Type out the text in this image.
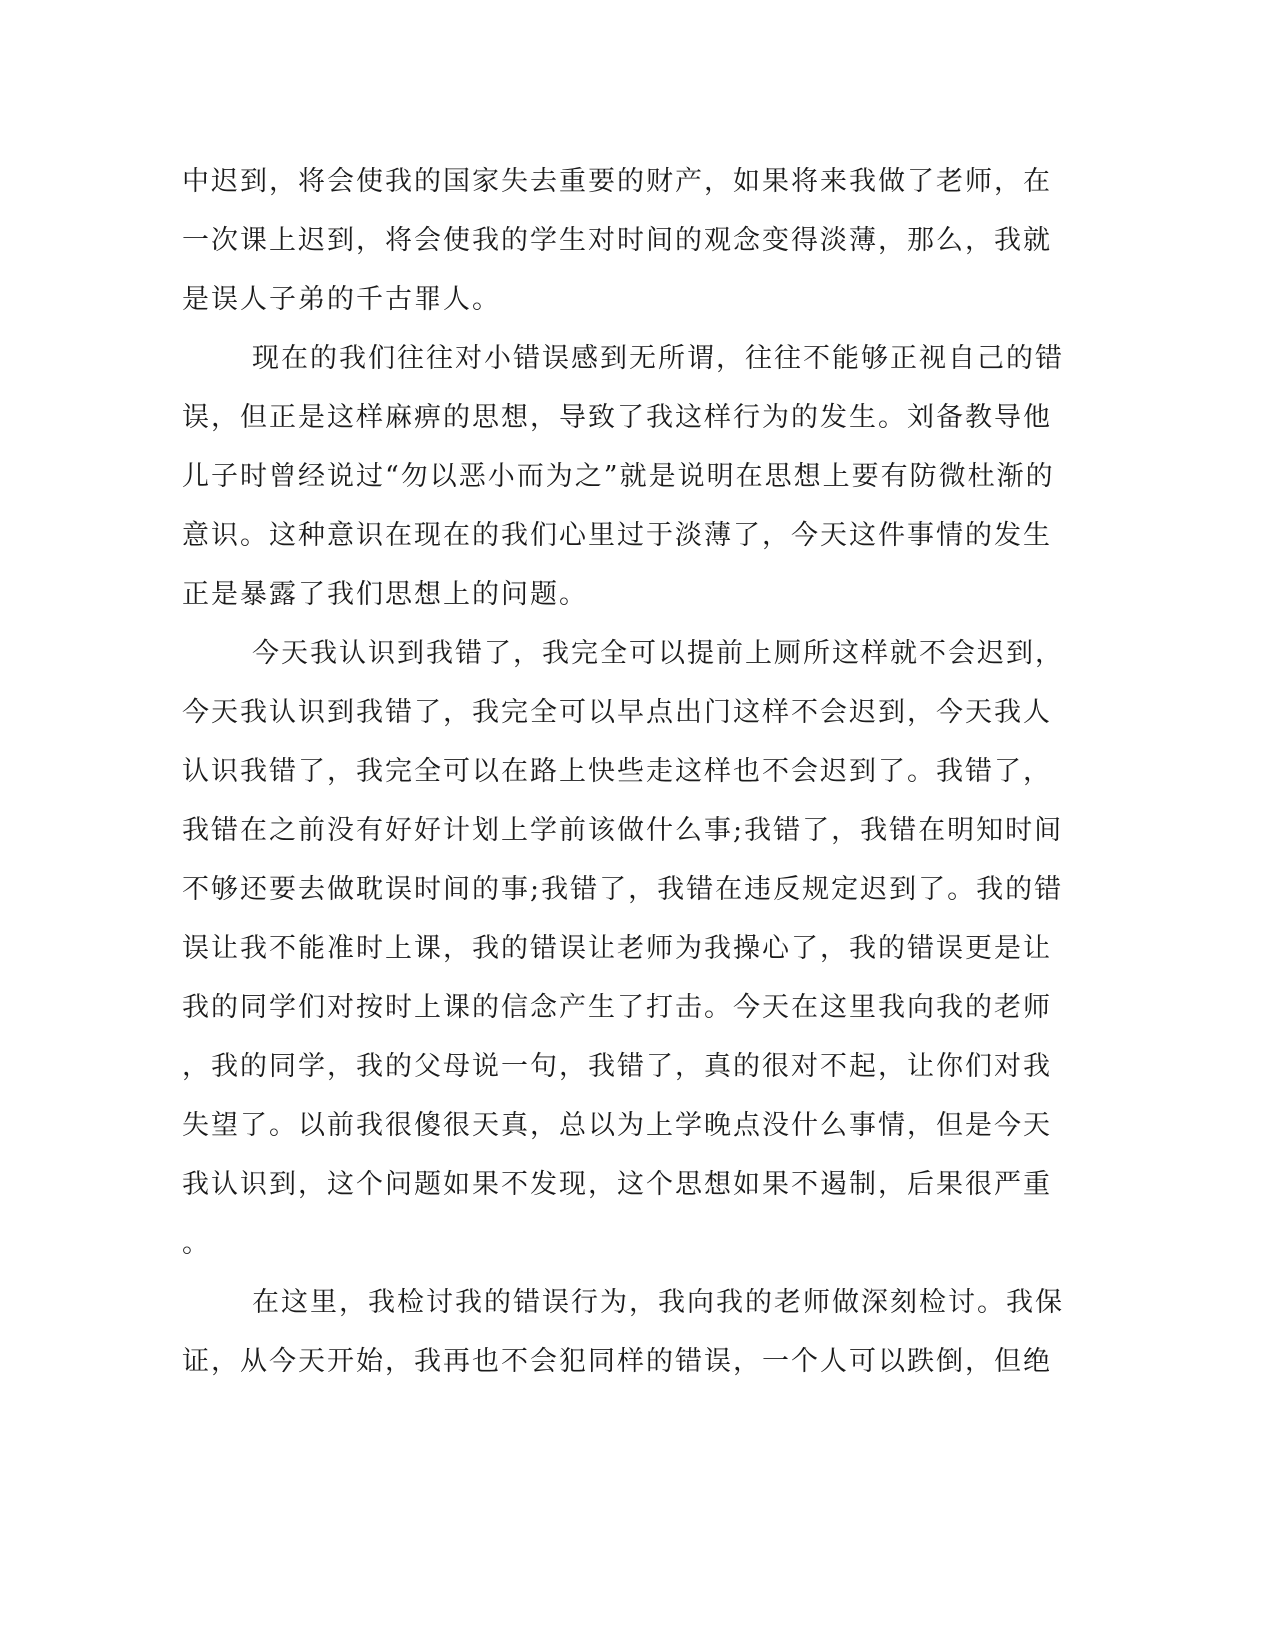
中迟到，将会使我的国家失去重要的财产，如果将来我做了老师，在
一次课上迟到，将会使我的学生对时间的观念变得淡薄，那么，我就
是误人子弟的千古罪人。
现在的我们往往对小错误感到无所谓，往往不能够正视自己的错
误，但正是这样麻痹的思想，导致了我这样行为的发生。刘备教导他
儿子时曾经说过“勿以恶小而为之”就是说明在思想上要有防微杜渐的
意识。这种意识在现在的我们心里过于淡薄了，今天这件事情的发生
正是暴露了我们思想上的问题。
今天我认识到我错了，我完全可以提前上厕所这样就不会迟到，
今天我认识到我错了，我完全可以早点出门这样不会迟到，今天我人
认识我错了，我完全可以在路上快些走这样也不会迟到了。我错了，
我错在之前没有好好计划上学前该做什么事;我错了，我错在明知时间
不够还要去做耽误时间的事;我错了，我错在违反规定迟到了。我的错
误让我不能准时上课，我的错误让老师为我操心了，我的错误更是让
我的同学们对按时上课的信念产生了打击。今天在这里我向我的老师
，我的同学，我的父母说一句，我错了，真的很对不起，让你们对我
失望了。以前我很傻很天真，总以为上学晚点没什么事情，但是今天
我认识到，这个问题如果不发现，这个思想如果不遏制，后果很严重
。
在这里，我检讨我的错误行为，我向我的老师做深刻检讨。我保
证，从今天开始，我再也不会犯同样的错误，一个人可以跌倒，但绝
